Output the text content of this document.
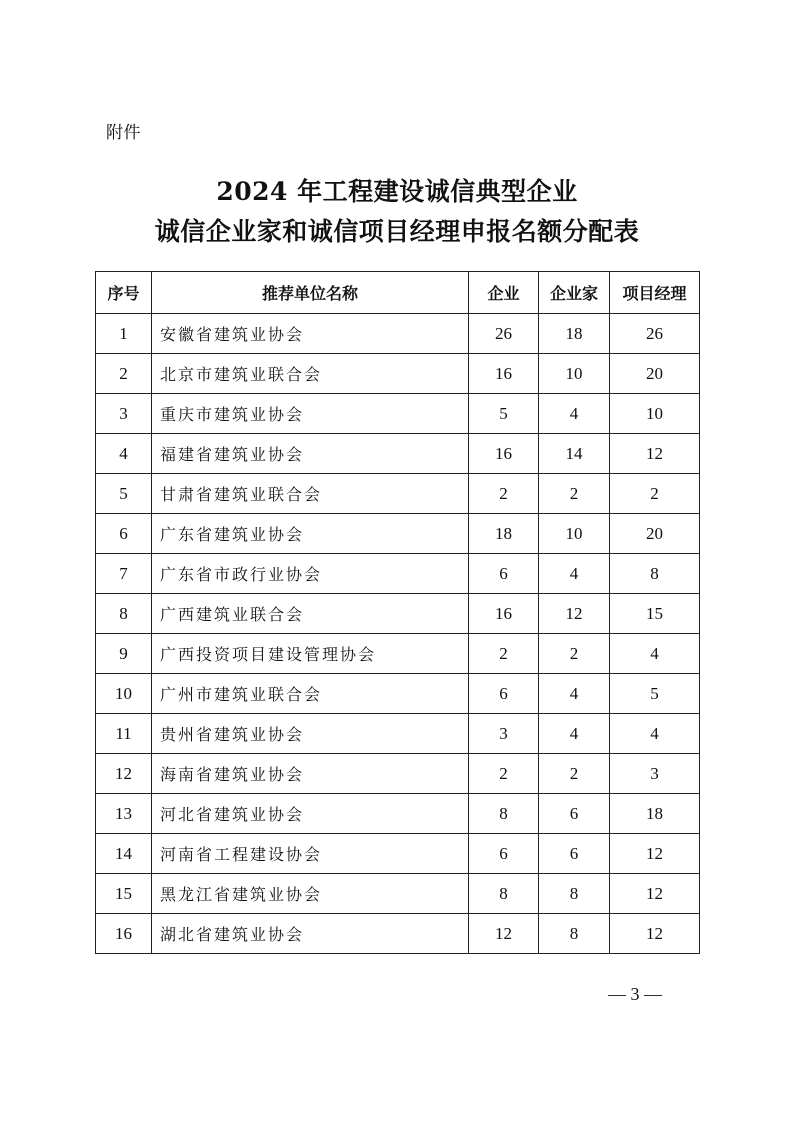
附件
2024 年工程建设诚信典型企业
诚信企业家和诚信项目经理申报名额分配表
序号	推荐单位名称	企业	企业家	项目经理
1	安徽省建筑业协会	26	18	26
2	北京市建筑业联合会	16	10	20
3	重庆市建筑业协会	5	4	10
4	福建省建筑业协会	16	14	12
5	甘肃省建筑业联合会	2	2	2
6	广东省建筑业协会	18	10	20
7	广东省市政行业协会	6	4	8
8	广西建筑业联合会	16	12	15
9	广西投资项目建设管理协会	2	2	4
10	广州市建筑业联合会	6	4	5
11	贵州省建筑业协会	3	4	4
12	海南省建筑业协会	2	2	3
13	河北省建筑业协会	8	6	18
14	河南省工程建设协会	6	6	12
15	黑龙江省建筑业协会	8	8	12
16	湖北省建筑业协会	12	8	12
— 3 —
